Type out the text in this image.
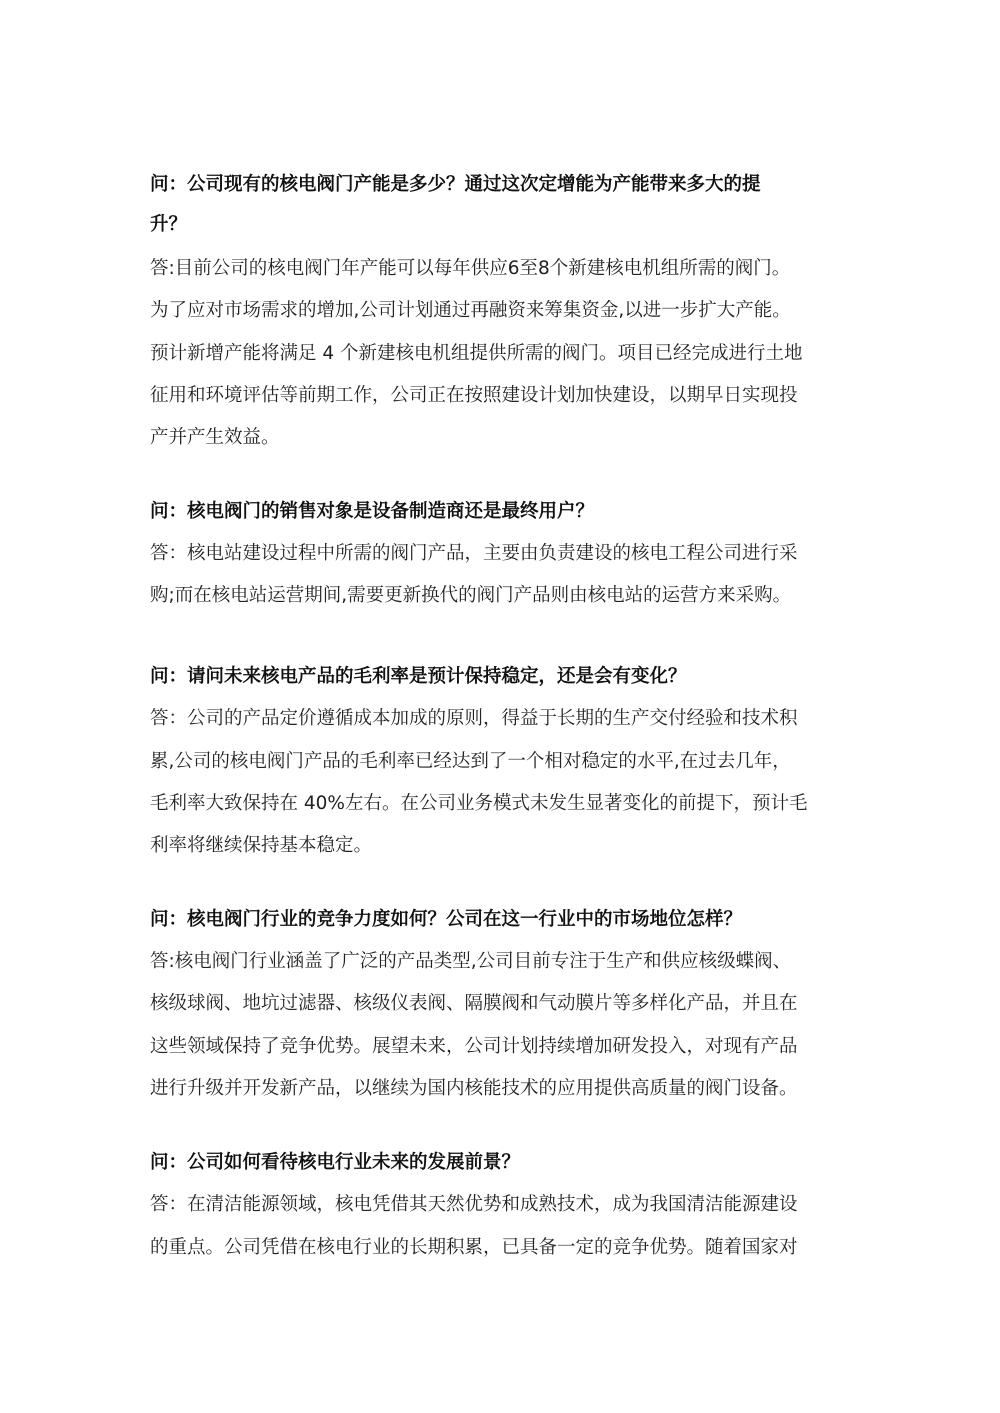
问：公司现有的核电阀门产能是多少？通过这次定增能为产能带来多大的提
升？
答:目前公司的核电阀门年产能可以每年供应6至8个新建核电机组所需的阀门。
为了应对市场需求的增加,公司计划通过再融资来筹集资金,以进一步扩大产能。
预计新增产能将满足 4 个新建核电机组提供所需的阀门。项目已经完成进行土地
征用和环境评估等前期工作，公司正在按照建设计划加快建设，以期早日实现投
产并产生效益。
问：核电阀门的销售对象是设备制造商还是最终用户？
答：核电站建设过程中所需的阀门产品，主要由负责建设的核电工程公司进行采
购;而在核电站运营期间,需要更新换代的阀门产品则由核电站的运营方来采购。
问：请问未来核电产品的毛利率是预计保持稳定，还是会有变化？
答：公司的产品定价遵循成本加成的原则，得益于长期的生产交付经验和技术积
累,公司的核电阀门产品的毛利率已经达到了一个相对稳定的水平,在过去几年，
毛利率大致保持在 40%左右。在公司业务模式未发生显著变化的前提下，预计毛
利率将继续保持基本稳定。
问：核电阀门行业的竞争力度如何？公司在这一行业中的市场地位怎样？
答:核电阀门行业涵盖了广泛的产品类型,公司目前专注于生产和供应核级蝶阀、
核级球阀、地坑过滤器、核级仪表阀、隔膜阀和气动膜片等多样化产品，并且在
这些领域保持了竞争优势。展望未来，公司计划持续增加研发投入，对现有产品
进行升级并开发新产品，以继续为国内核能技术的应用提供高质量的阀门设备。
问：公司如何看待核电行业未来的发展前景？
答：在清洁能源领域，核电凭借其天然优势和成熟技术，成为我国清洁能源建设
的重点。公司凭借在核电行业的长期积累，已具备一定的竞争优势。随着国家对
